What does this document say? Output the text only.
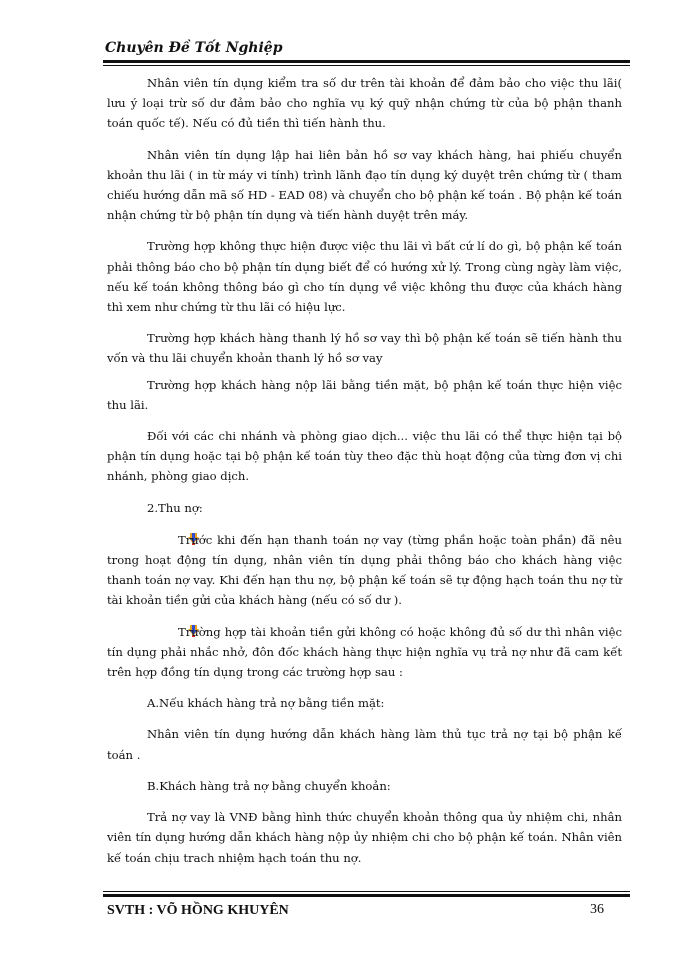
Chuyên Đề Tốt Nghiệp

Nhân viên tín dụng kiểm tra số dư trên tài khoản để đảm bảo cho việc thu lãi( lưu ý loại trừ số dư đảm bảo cho nghĩa vụ ký quỹ nhận chứng từ của bộ phận thanh toán quốc tế). Nếu có đủ tiền thì tiến hành thu.

Nhân viên tín dụng lập hai liên bản hồ sơ vay khách hàng, hai phiếu chuyển khoản thu lãi ( in từ máy vi tính) trình lãnh đạo tín dụng ký duyệt trên chứng từ ( tham chiếu hướng dẫn mã số HD - EAD 08) và chuyển cho bộ phận kế toán . Bộ phận kế toán nhận chứng từ bộ phận tín dụng và tiến hành duyệt trên máy.

Trường hợp không thực hiện được việc thu lãi vì bất cứ lí do gì, bộ phận kế toán phải thông báo cho bộ phận tín dụng biết để có hướng xử lý. Trong cùng ngày làm việc, nếu kế toán không thông báo gì cho tín dụng về việc không thu được của khách hàng thì xem như chứng từ thu lãi có hiệu lực.

Trường hợp khách hàng thanh lý hồ sơ vay thì bộ phận kế toán sẽ tiến hành thu vốn và thu lãi chuyển khoản thanh lý hồ sơ vay

Trường hợp khách hàng nộp lãi bằng tiền mặt, bộ phận kế toán thực hiện việc thu lãi.

Đối với các chi nhánh và phòng giao dịch... việc thu lãi có thể thực hiện tại bộ phận tín dụng hoặc tại bộ phận kế toán tùy theo đặc thù hoạt động của từng đơn vị chi nhánh, phòng giao dịch.

2.Thu nợ:

Trước khi đến hạn thanh toán nợ vay (từng phần hoặc toàn phần) đã nêu trong hoạt động tín dụng, nhân viên tín dụng phải thông báo cho khách hàng việc thanh toán nợ vay. Khi đến hạn thu nợ, bộ phận kế toán sẽ tự động hạch toán thu nợ từ tài khoản tiền gửi của khách hàng (nếu có số dư ).

Trường hợp tài khoản tiền gửi không có hoặc không đủ số dư thì nhân việc tín dụng phải nhắc nhở, đôn đốc khách hàng thực hiện nghĩa vụ trả nợ như đã cam kết trên hợp đồng tín dụng trong các trường hợp sau :

A.Nếu khách hàng trả nợ bằng tiền mặt:

Nhân viên tín dụng hướng dẫn khách hàng làm thủ tục trả nợ tại bộ phận kế toán .

B.Khách hàng trả nợ bằng chuyển khoản:

Trả nợ vay là VNĐ bằng hình thức chuyển khoản thông qua ủy nhiệm chi, nhân viên tín dụng hướng dẫn khách hàng nộp ủy nhiệm chi cho bộ phận kế toán. Nhân viên kế toán chịu trach nhiệm hạch toán thu nợ.

SVTH : VÕ HỒNG KHUYÊN	36
